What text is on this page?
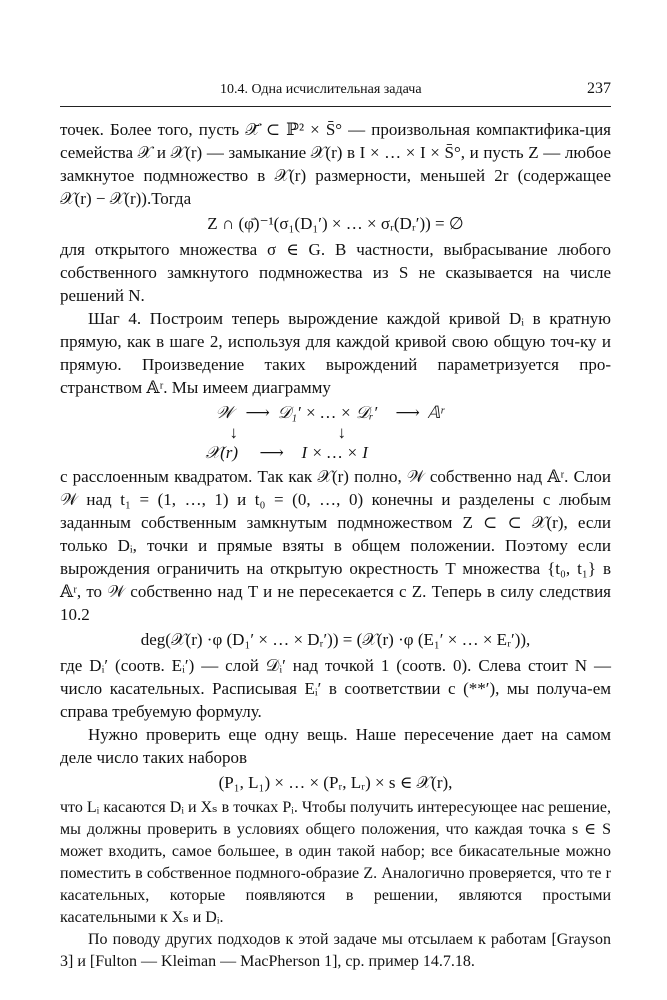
10.4. Одна исчислительная задача	237

точек. Более того, пусть 𝒳̄ ⊂ ℙ² × S̄° — произвольная компактифика-ция семейства 𝒳 и 𝒳(r) — замыкание 𝒳(r) в I × … × I × S̄°, и пусть Z — любое замкнутое подмножество в 𝒳(r) размерности, меньшей 2r (содержащее 𝒳(r) − 𝒳(r)).Тогда

Z ∩ (φ̄)⁻¹(σ₁(D₁′) × … × σᵣ(Dᵣ′)) = ∅

для открытого множества σ ∈ G. В частности, выбрасывание любого собственного замкнутого подмножества из S не сказывается на числе решений N.

Шаг 4. Построим теперь вырождение каждой кривой Dᵢ в кратную прямую, как в шаге 2, используя для каждой кривой свою общую точ-ку и прямую. Произведение таких вырождений параметризуется про-странством 𝔸ʳ. Мы имеем диаграмму

𝒲 ⟶ 𝒟₁′ × … × 𝒟ᵣ′ ⟶ 𝔸ʳ
↓	↓
𝒳(r) ⟶ I × … × I

с расслоенным квадратом. Так как 𝒳(r) полно, 𝒲 собственно над 𝔸ʳ. Слои 𝒲 над t₁ = (1, …, 1) и t₀ = (0, …, 0) конечны и разделены с любым заданным собственным замкнутым подмножеством Z ⊂ ⊂ 𝒳(r), если только Dᵢ, точки и прямые взяты в общем положении. Поэтому если вырождения ограничить на открытую окрестность T множества {t₀, t₁} в 𝔸ʳ, то 𝒲 собственно над T и не пересекается с Z. Теперь в силу следствия 10.2

deg(𝒳(r) ·φ (D₁′ × … × Dᵣ′)) = (𝒳(r) ·φ (E₁′ × … × Eᵣ′)),

где Dᵢ′ (соотв. Eᵢ′) — слой 𝒟ᵢ′ над точкой 1 (соотв. 0). Слева стоит N — число касательных. Расписывая Eᵢ′ в соответствии с (**′), мы получа-ем справа требуемую формулу.

Нужно проверить еще одну вещь. Наше пересечение дает на самом деле число таких наборов

(P₁, L₁) × … × (Pᵣ, Lᵣ) × s ∈ 𝒳(r),

что Lᵢ касаются Dᵢ и Xₛ в точках Pᵢ. Чтобы получить интересующее нас решение, мы должны проверить в условиях общего положения, что каждая точка s ∈ S может входить, самое большее, в один такой набор; все бикасательные можно поместить в собственное подмного-образие Z. Аналогично проверяется, что те r касательных, которые появляются в решении, являются простыми касательными к Xₛ и Dᵢ.

По поводу других подходов к этой задаче мы отсылаем к работам [Grayson 3] и [Fulton — Kleiman — MacPherson 1], ср. пример 14.7.18.
